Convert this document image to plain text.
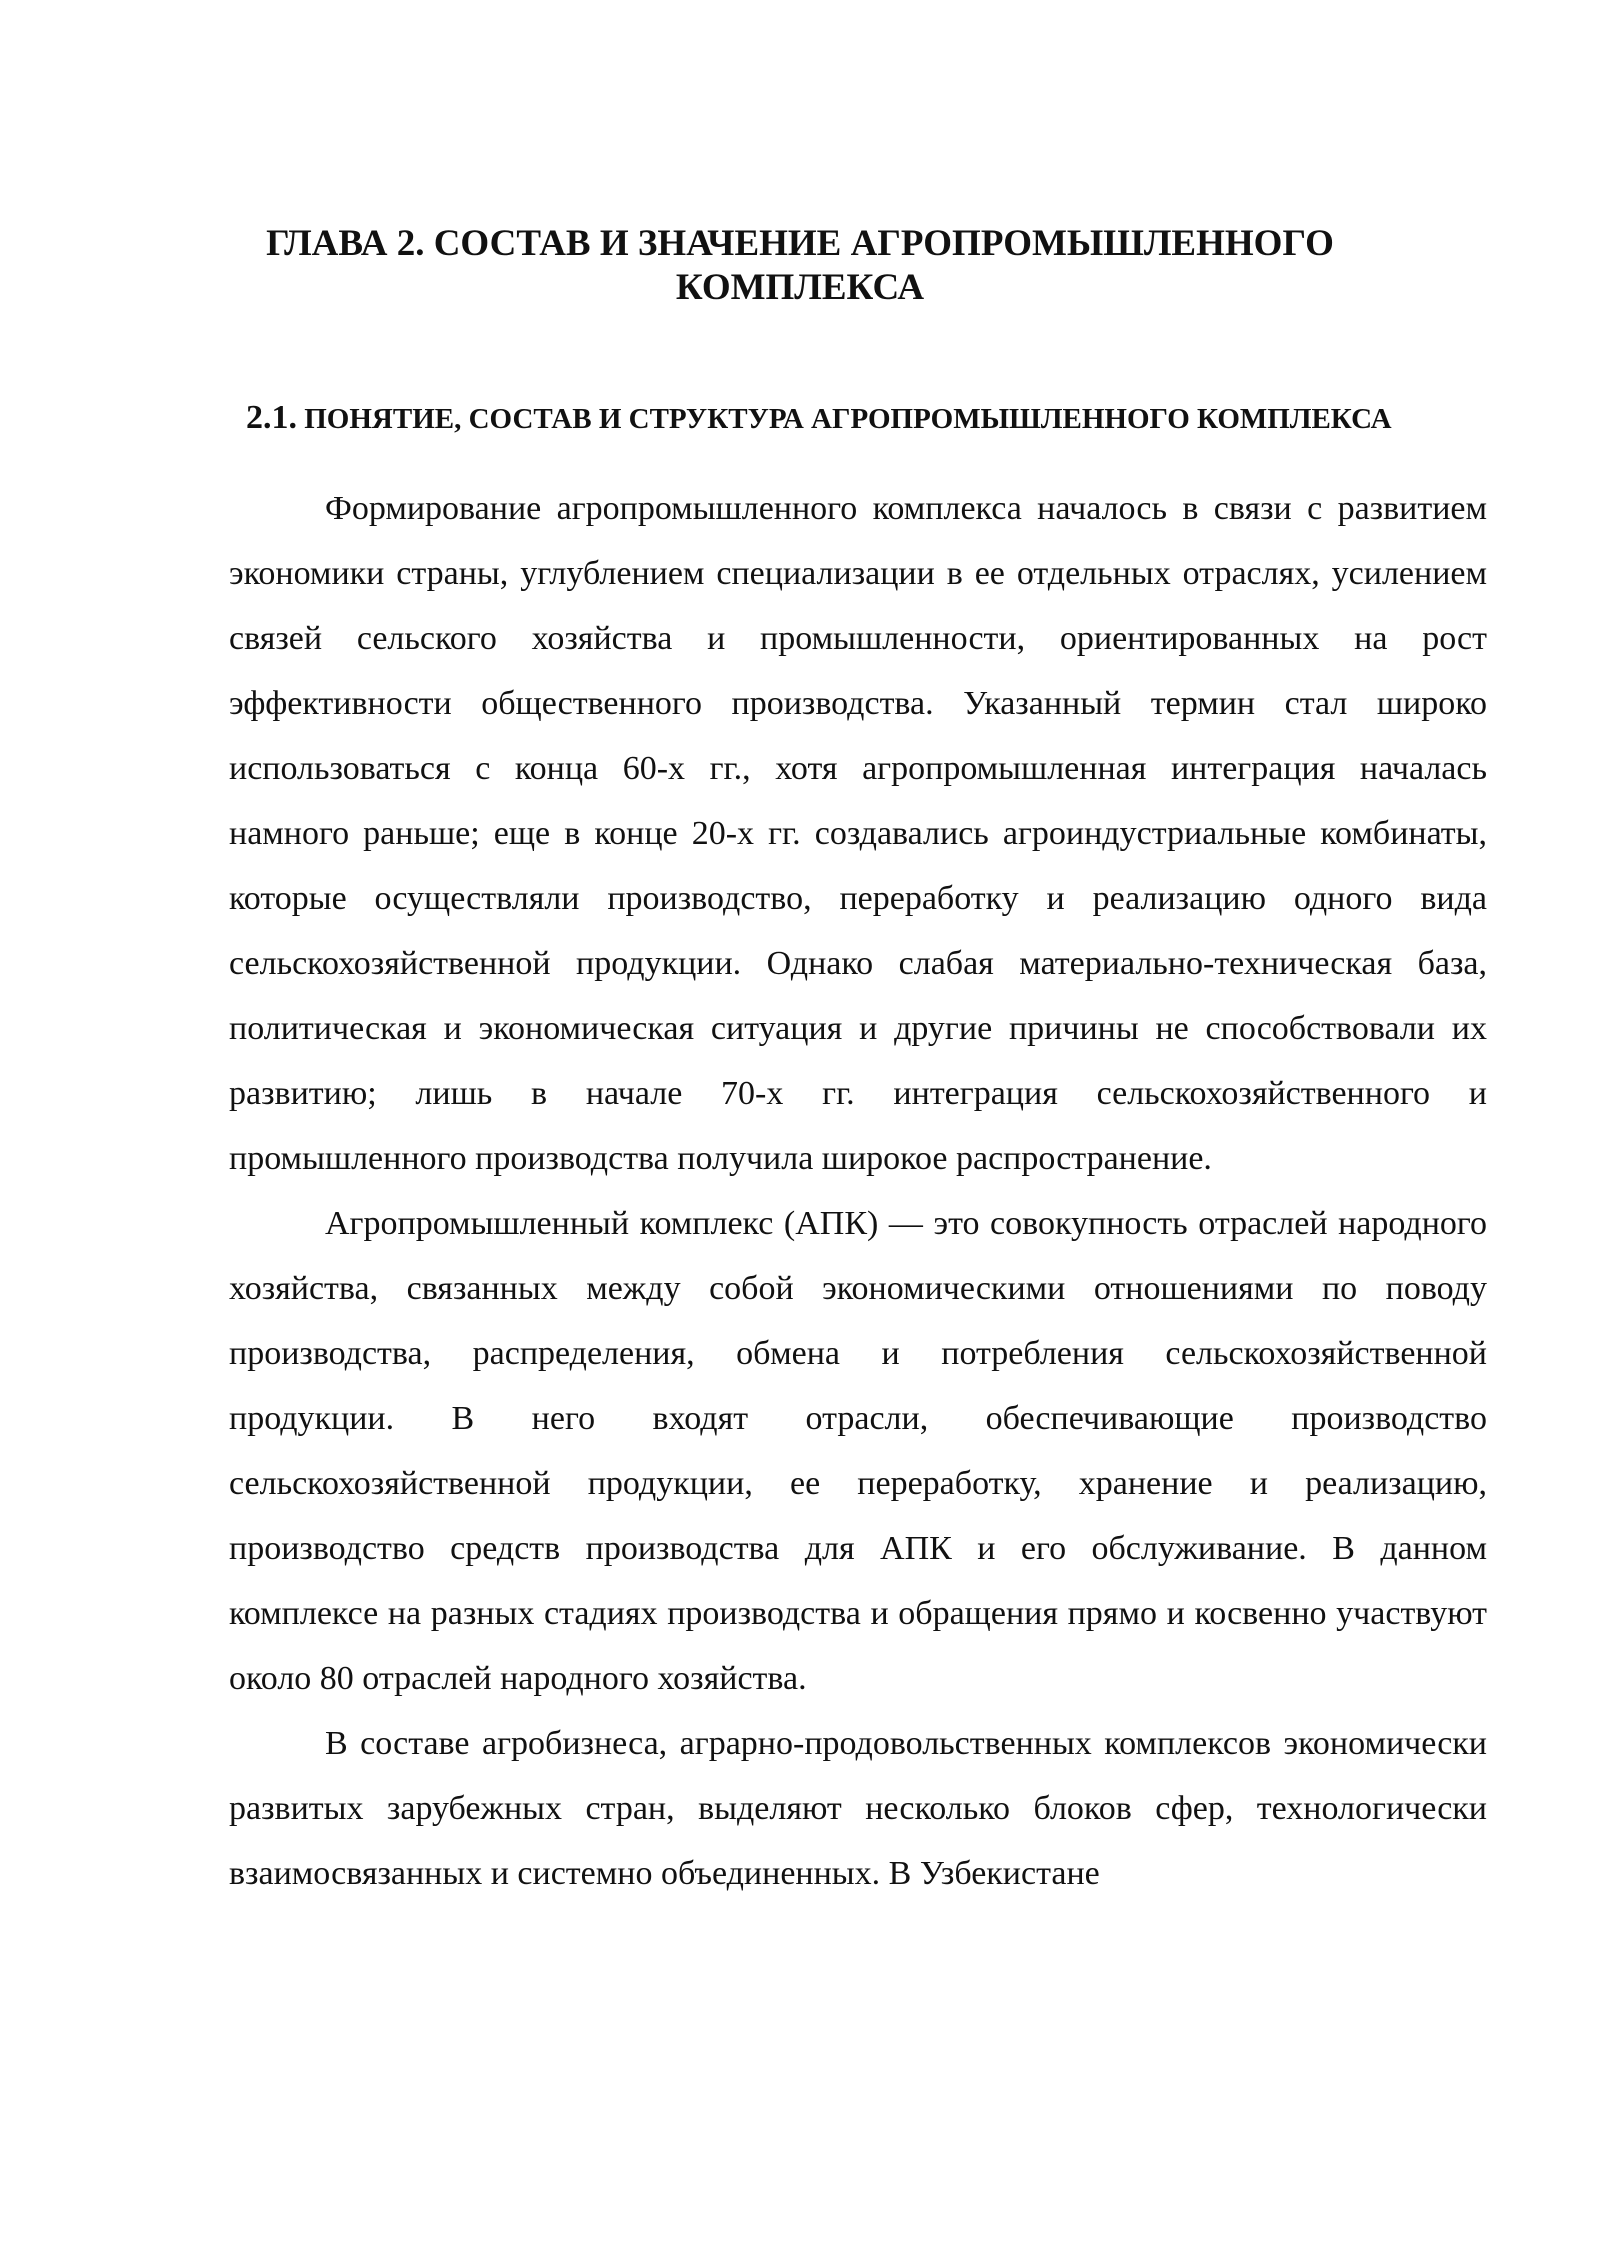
ГЛАВА 2. СОСТАВ И ЗНАЧЕНИЕ АГРОПРОМЫШЛЕННОГО КОМПЛЕКСА
2.1. ПОНЯТИЕ, СОСТАВ И СТРУКТУРА АГРОПРОМЫШЛЕННОГО КОМПЛЕКСА

Формирование агропромышленного комплекса началось в связи с развитием экономики страны, углублением специализации в ее отдельных отраслях, усилением связей сельского хозяйства и промышленности, ориентированных на рост эффективности общественного производства. Указанный термин стал широко использоваться с конца 60-х гг., хотя агропромышленная интеграция началась намного раньше; еще в конце 20-х гг. создавались агроиндустриальные комбинаты, которые осуществляли производство, переработку и реализацию одного вида сельскохозяйственной продукции. Однако слабая материально-техническая база, политическая и экономическая ситуация и другие причины не способствовали их развитию; лишь в начале 70-х гг. интеграция сельскохозяйственного и промышленного производства получила широкое распространение.

Агропромышленный комплекс (АПК) — это совокупность отраслей народного хозяйства, связанных между собой экономическими отношениями по поводу производства, распределения, обмена и потребления сельскохозяйственной продукции. В него входят отрасли, обеспечивающие производство сельскохозяйственной продукции, ее переработку, хранение и реализацию, производство средств производства для АПК и его обслуживание. В данном комплексе на разных стадиях производства и обращения прямо и косвенно участвуют около 80 отраслей народного хозяйства.

В составе агробизнеса, аграрно-продовольственных комплексов экономически развитых зарубежных стран, выделяют несколько блоков сфер, технологически взаимосвязанных и системно объединенных. В Узбекистане
